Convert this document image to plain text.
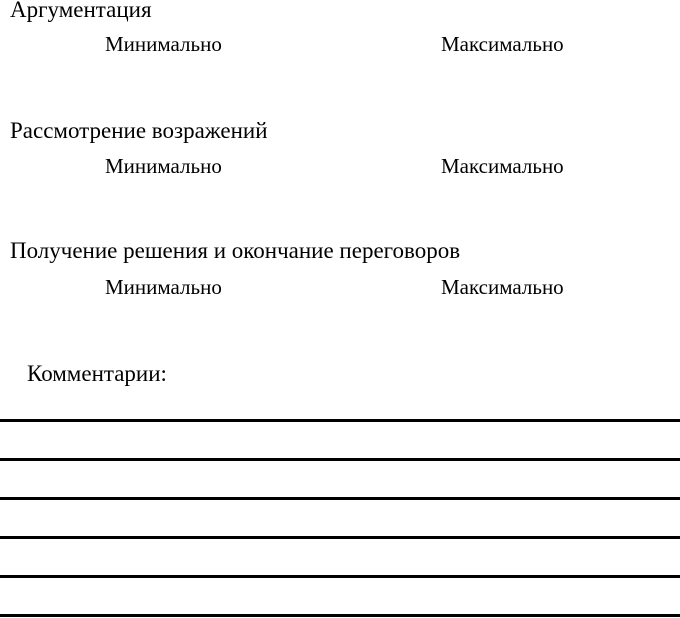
Аргументация
Минимально	Максимально
Рассмотрение возражений
Минимально	Максимально
Получение решения и окончание переговоров
Минимально	Максимально
Комментарии:
